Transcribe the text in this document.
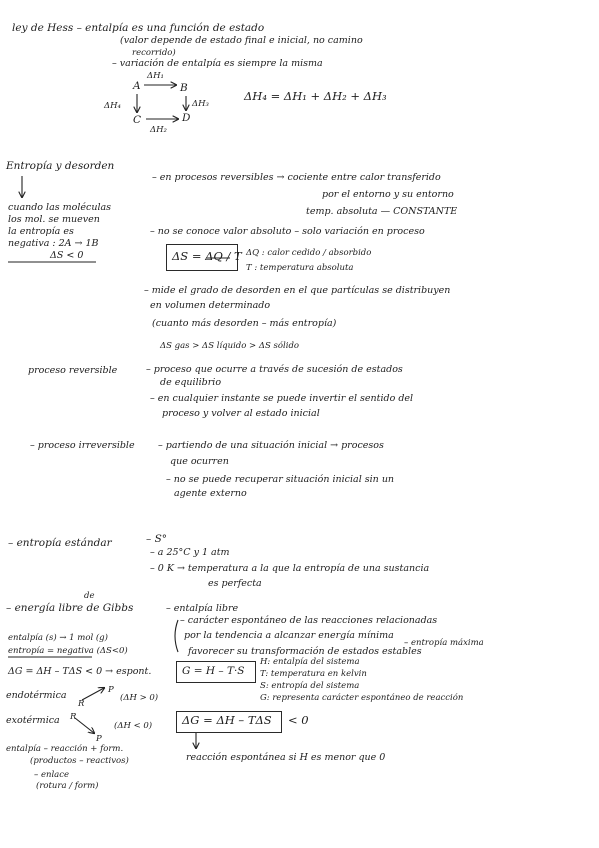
ley de Hess – entalpía es una función de estado
(valor depende de estado final e inicial, no camino
recorrido)
– variación de entalpía es siempre la misma
A	B
C	D
ΔH₁
ΔH₄	ΔH₃
ΔH₂
ΔH₄ = ΔH₁ + ΔH₂ + ΔH₃
Entropía y desorden
– en procesos reversibles → cociente entre calor transferido
por el entorno y su entorno
temp. absoluta — CONSTANTE
cuando las moléculas
los mol. se mueven
la entropía es
negativa : 2A → 1B
ΔS < 0
– no se conoce valor absoluto – solo variación en proceso
ΔS = ΔQ / T ΔQ : calor cedido / absorbido
T : temperatura absoluta
– mide el grado de desorden en el que partículas se distribuyen
en volumen determinado
(cuanto más desorden – más entropía)
ΔS gas > ΔS líquido > ΔS sólido
proceso reversible	– proceso que ocurre a través de sucesión de estados
de equilibrio
– en cualquier instante se puede invertir el sentido del
proceso y volver al estado inicial
– proceso irreversible – partiendo de una situación inicial → procesos
que ocurren
– no se puede recuperar situación inicial sin un
agente externo
– entropía estándar	– S°
– a 25°C y 1 atm
– 0 K → temperatura a la que la entropía de una sustancia
es perfecta
de
– energía libre de Gibbs	– entalpía libre
– carácter espontáneo de las reacciones relacionadas
por la tendencia a alcanzar energía mínima
– entropía máxima
favorecer su transformación de estados estables
entalpía (s) → 1 mol (g)
entropía = negativa (ΔS<0)
ΔG = ΔH – TΔS < 0 → espont.	G = H – T·S
H: entalpía del sistema
T: temperatura en kelvin
S: entropía del sistema
G: representa carácter espontáneo de reacción
endotérmica
R
P
(ΔH > 0)
exotérmica R
P
(ΔH < 0)	ΔG = ΔH – TΔS < 0
reacción espontánea si H es menor que 0
entalpía – reacción + form.
(productos – reactivos)
– enlace
(rotura / form)
